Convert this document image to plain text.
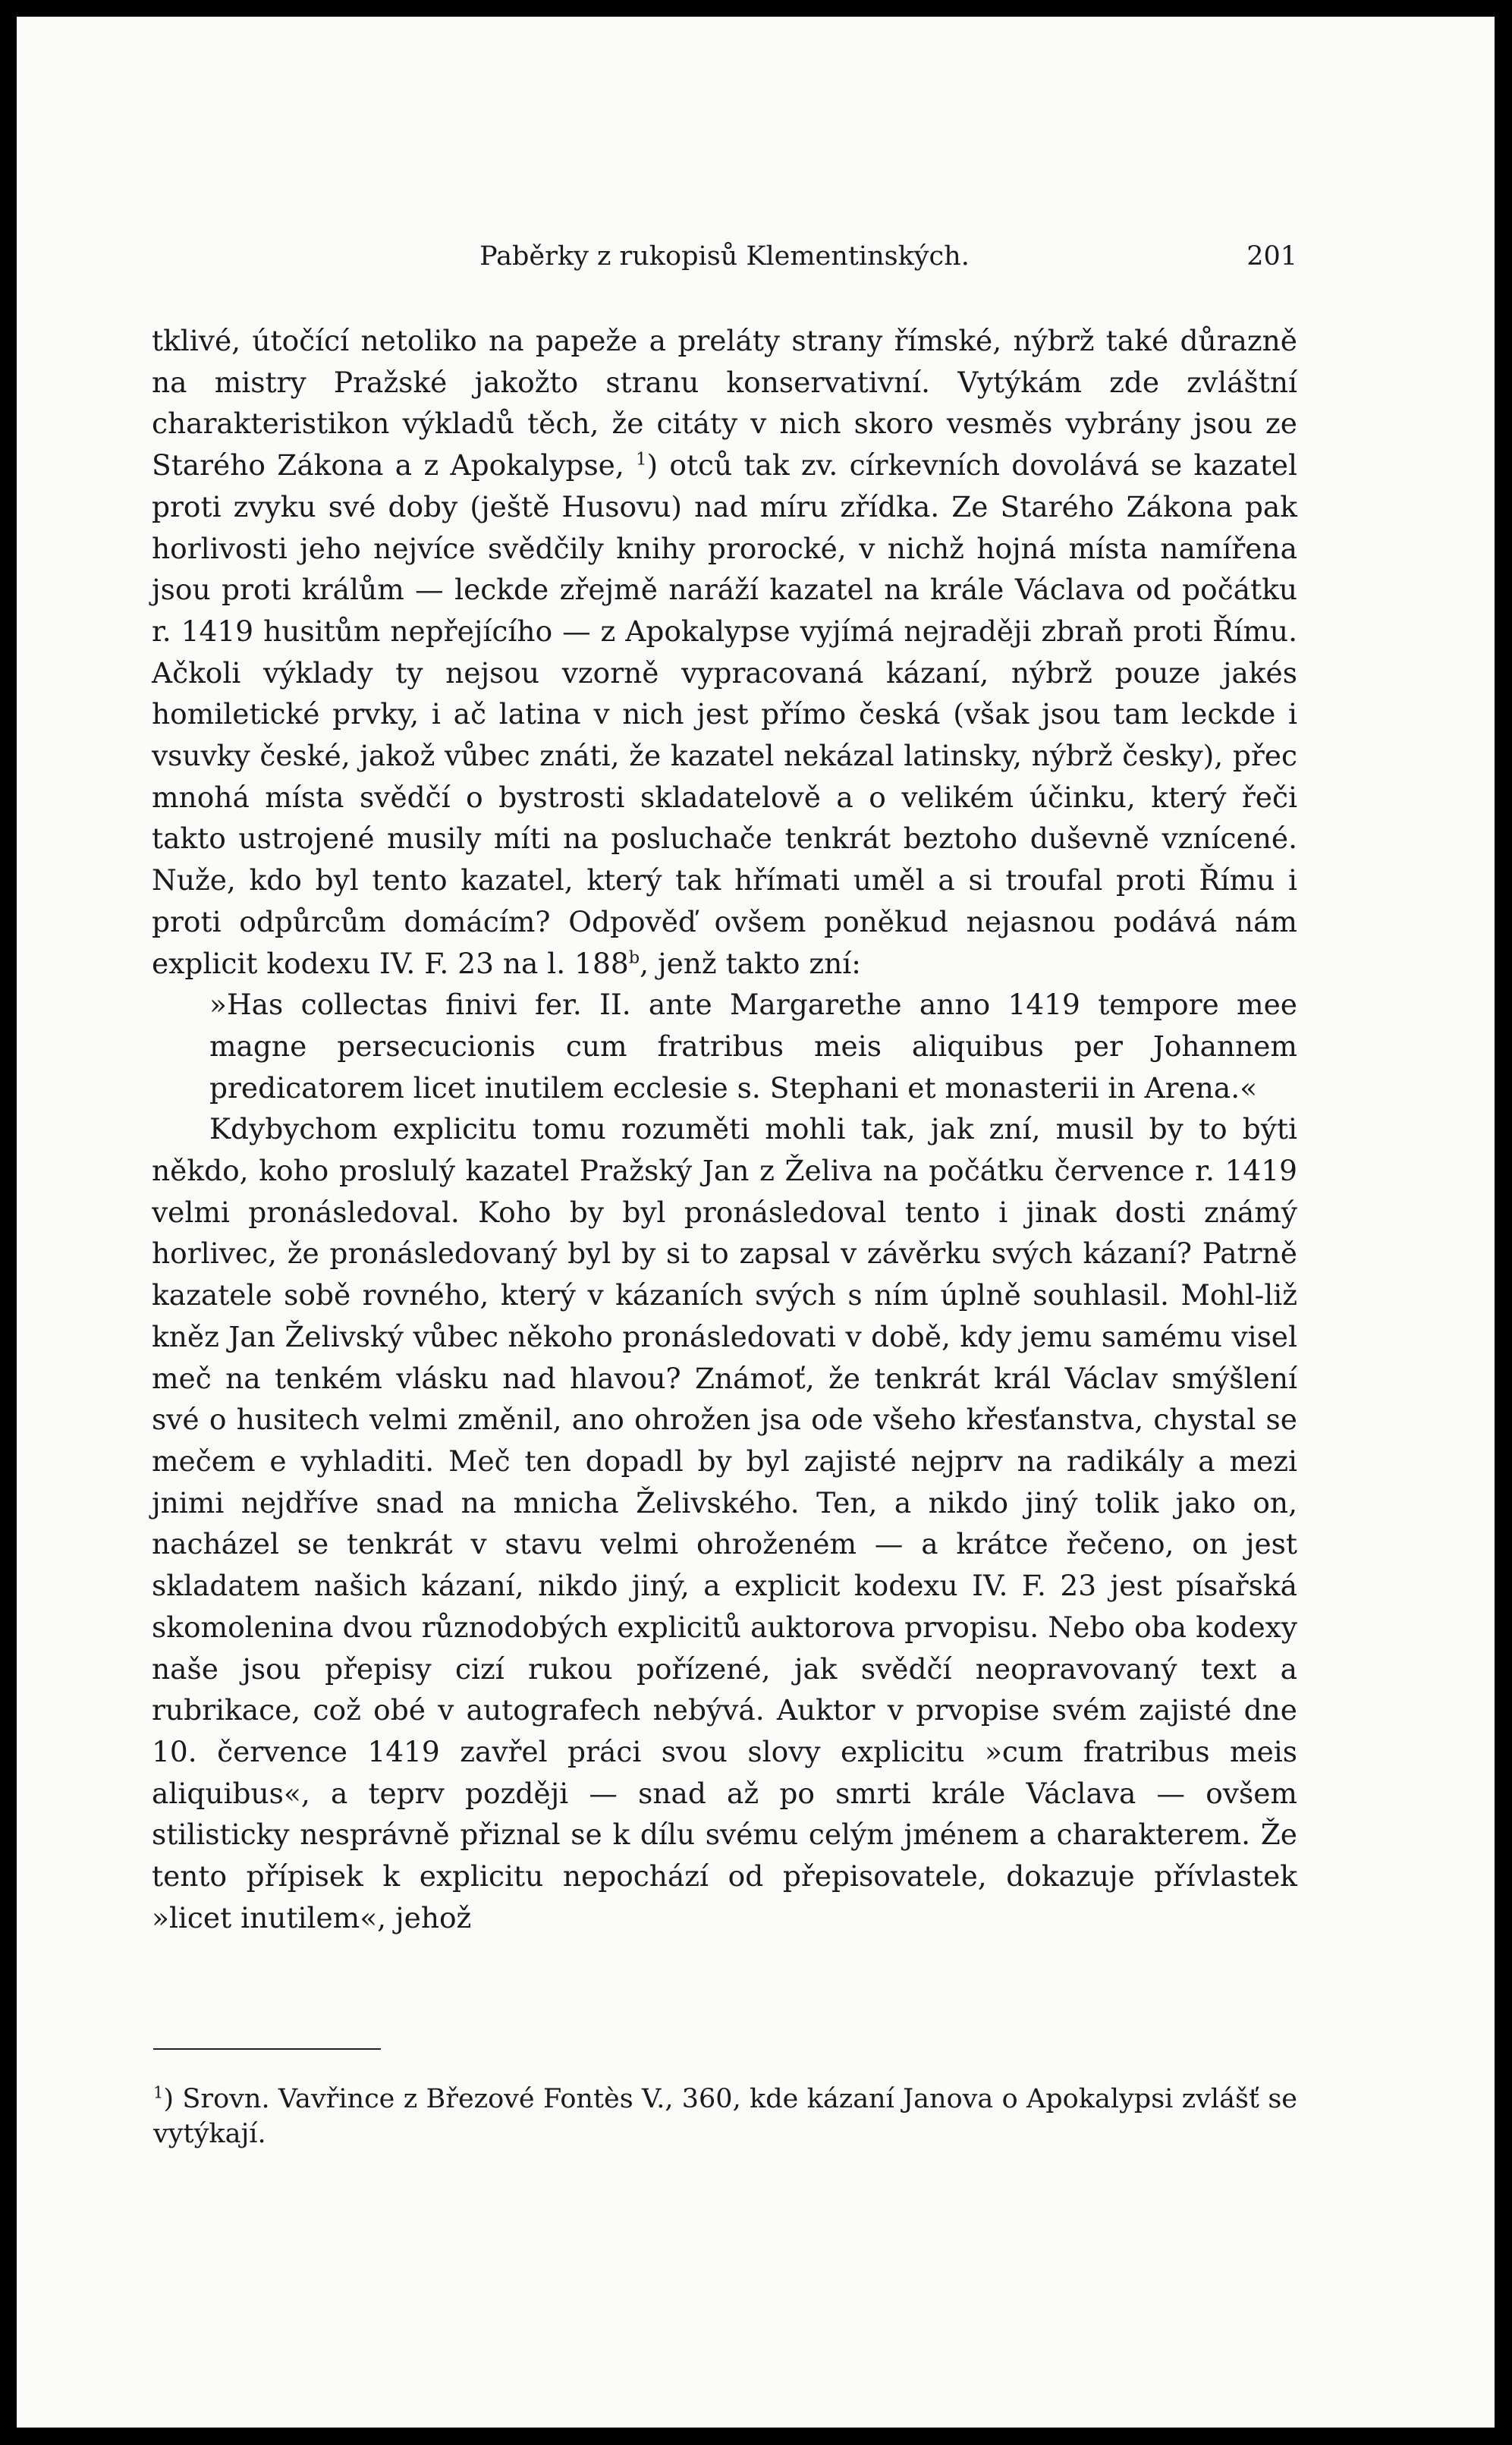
Paběrky z rukopisů Klementinských.	201

tklivé, útočící netoliko na papeže a preláty strany římské, nýbrž také důrazně na mistry Pražské jakožto stranu konservativní. Vytýkám zde zvláštní charakteristikon výkladů těch, že citáty v nich skoro vesměs vybrány jsou ze Starého Zákona a z Apokalypse, $^1$) otců tak zv. církevních dovolává se kazatel proti zvyku své doby (ještě Husovu) nad míru zřídka. Ze Starého Zákona pak horlivosti jeho nejvíce svědčily knihy prorocké, v nichž hojná místa namířena jsou proti králům — leckde zřejmě naráží kazatel na krále Václava od počátku r. 1419 husitům nepřejícího — z Apokalypse vyjímá nejraději zbraň proti Římu. Ačkoli výklady ty nejsou vzorně vypracovaná kázaní, nýbrž pouze jakés homiletické prvky, i ač latina v nich jest přímo česká (však jsou tam leckde i vsuvky české, jakož vůbec znáti, že kazatel nekázal latinsky, nýbrž česky), přec mnohá místa svědčí o bystrosti skladatelově a o velikém účinku, který řeči takto ustrojené musily míti na posluchače tenkrát beztoho duševně vznícené. Nužе, kdo byl tento kazatel, který tak hřímati uměl a si troufal proti Římu i proti odpůrcům domácím? Odpověď ovšem poněkud nejasnou podává nám explicit kodexu IV. F. 23 na l. 188$^b$, jenž takto zní:

»Has collectas finivi fer. II. ante Margarethe anno 1419 tempore mee magne persecucionis cum fratribus meis aliquibus per Johannem predicatorem licet inutilem ecclesie s. Stephani et monasterii in Arena.«

Kdybychom explicitu tomu rozuměti mohli tak, jak zní, musil by to býti někdo, koho proslulý kazatel Pražský Jan z Želiva na počátku července r. 1419 velmi pronásledoval. Koho by byl pronásledoval tento i jinak dosti známý horlivec, že pronásledovaný byl by si to zapsal v závěrku svých kázaní? Patrně kazatele sobě rovného, který v kázaních svých s ním úplně souhlasil. Mohl-liž kněz Jan Želivský vůbec někoho pronásledovati v době, kdy jemu samému visel meč na tenkém vlásku nad hlavou? Známoť, že tenkrát král Václav smýšlení své o husitech velmi změnil, ano ohrožen jsa ode všeho křesťanstva, chystal se mečem e vyhladiti. Meč ten dopadl by byl zajisté nejprv na radikály a mezi jnimi nejdříve snad na mnicha Želivského. Ten, a nikdo jiný tolik jako on, nacházel se tenkrát v stavu velmi ohroženém — a krátce řečeno, on jest skladatem našich kázaní, nikdo jiný, a explicit kodexu IV. F. 23 jest písařská skomolenina dvou různodobých explicitů auktorova prvopisu. Nebo oba kodexy naše jsou přepisy cizí rukou pořízené, jak svědčí neopravovaný text a rubrikace, což obé v autografech nebývá. Auktor v prvopise svém zajisté dne 10. července 1419 zavřel práci svou slovy explicitu »cum fratribus meis aliquibus«, a teprv později — snad až po smrti krále Václava — ovšem stilisticky nesprávně přiznal se k dílu svému celým jménem a charakterem. Že tento přípisek k explicitu nepochází od přepisovatele, dokazuje přívlastek »licet inutilem«, jehož

$^1$) Srovn. Vavřince z Březové Fontès V., 360, kde kázaní Janova o Apokalypsi zvlášť se vytýkají.
